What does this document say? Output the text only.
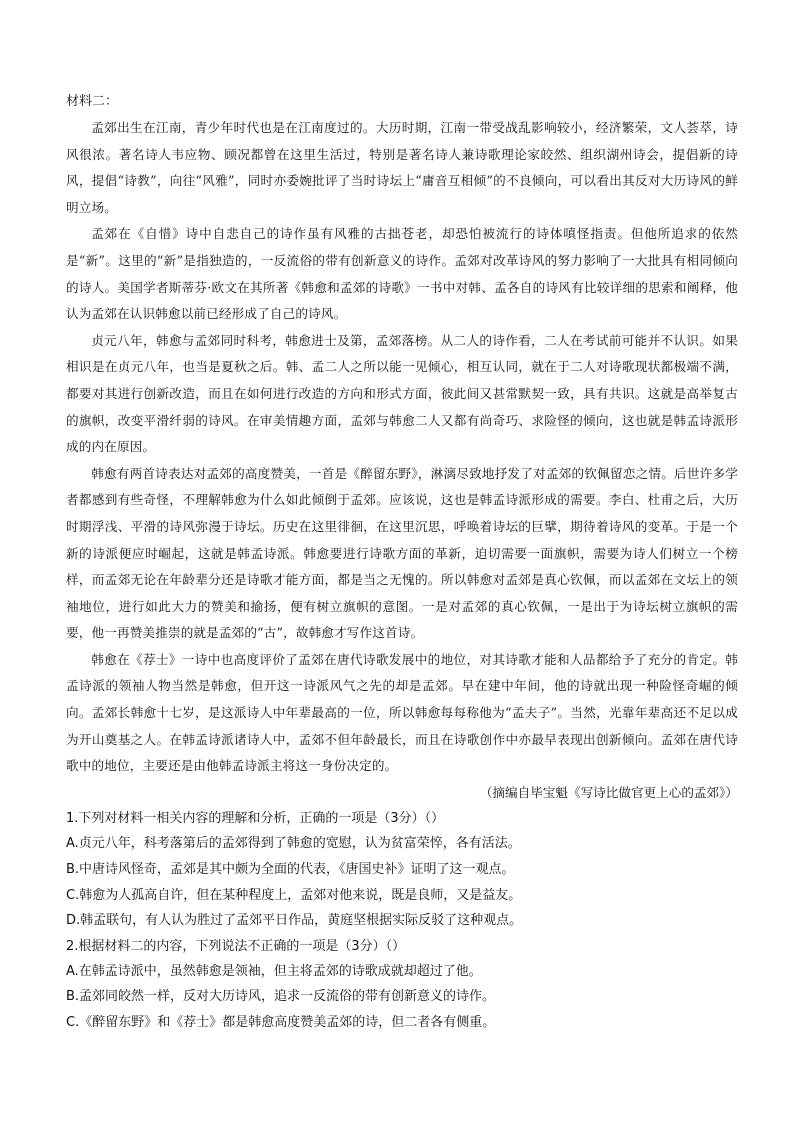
材料二：

孟郊出生在江南，青少年时代也是在江南度过的。大历时期，江南一带受战乱影响较小，经济繁荣，文人荟萃，诗风很浓。著名诗人韦应物、顾况都曾在这里生活过，特别是著名诗人兼诗歌理论家皎然、组织湖州诗会，提倡新的诗风，提倡“诗教”，向往“风雅”，同时亦委婉批评了当时诗坛上“庸音互相倾”的不良倾向，可以看出其反对大历诗风的鲜明立场。

孟郊在《自惜》诗中自悲自己的诗作虽有风雅的古拙苍老，却恐怕被流行的诗体嗔怪指责。但他所追求的依然是“新”。这里的“新”是指独造的，一反流俗的带有创新意义的诗作。孟郊对改革诗风的努力影响了一大批具有相同倾向的诗人。美国学者斯蒂芬·欧文在其所著《韩愈和孟郊的诗歌》一书中对韩、孟各自的诗风有比较详细的思索和阐释，他认为孟郊在认识韩愈以前已经形成了自己的诗风。

贞元八年，韩愈与孟郊同时科考，韩愈进士及第，孟郊落榜。从二人的诗作看，二人在考试前可能并不认识。如果相识是在贞元八年，也当是夏秋之后。韩、孟二人之所以能一见倾心，相互认同，就在于二人对诗歌现状都极端不满，都要对其进行创新改造，而且在如何进行改造的方向和形式方面，彼此间又甚常默契一致，具有共识。这就是高举复古的旗帜，改变平滑纤弱的诗风。在审美情趣方面，孟郊与韩愈二人又都有尚奇巧、求险怪的倾向，这也就是韩孟诗派形成的内在原因。

韩愈有两首诗表达对孟郊的高度赞美，一首是《醉留东野》，淋漓尽致地抒发了对孟郊的钦佩留恋之情。后世许多学者都感到有些奇怪，不理解韩愈为什么如此倾倒于孟郊。应该说，这也是韩孟诗派形成的需要。李白、杜甫之后，大历时期浮浅、平滑的诗风弥漫于诗坛。历史在这里徘徊，在这里沉思，呼唤着诗坛的巨擘，期待着诗风的变革。于是一个新的诗派便应时崛起，这就是韩孟诗派。韩愈要进行诗歌方面的革新，迫切需要一面旗帜，需要为诗人们树立一个榜样，而孟郊无论在年龄辈分还是诗歌才能方面，都是当之无愧的。所以韩愈对孟郊是真心钦佩，而以孟郊在文坛上的领袖地位，进行如此大力的赞美和揄扬，便有树立旗帜的意图。一是对孟郊的真心钦佩，一是出于为诗坛树立旗帜的需要，他一再赞美推崇的就是孟郊的“古”，故韩愈才写作这首诗。

韩愈在《荐士》一诗中也高度评价了孟郊在唐代诗歌发展中的地位，对其诗歌才能和人品都给予了充分的肯定。韩孟诗派的领袖人物当然是韩愈，但开这一诗派风气之先的却是孟郊。早在建中年间，他的诗就出现一种险怪奇崛的倾向。孟郊长韩愈十七岁，是这派诗人中年辈最高的一位，所以韩愈每每称他为“孟夫子”。当然，光靠年辈高还不足以成为开山奠基之人。在韩孟诗派诸诗人中，孟郊不但年龄最长，而且在诗歌创作中亦最早表现出创新倾向。孟郊在唐代诗歌中的地位，主要还是由他韩孟诗派主将这一身份决定的。

（摘编自毕宝魁《写诗比做官更上心的孟郊》）

1.下列对材料一相关内容的理解和分析，正确的一项是（3分）（）

A.贞元八年，科考落第后的孟郊得到了韩愈的宽慰，认为贫富荣悴，各有活法。

B.中唐诗风怪奇，孟郊是其中颇为全面的代表，《唐国史补》证明了这一观点。

C.韩愈为人孤高自许，但在某种程度上，孟郊对他来说，既是良师，又是益友。

D.韩孟联句，有人认为胜过了孟郊平日作品，黄庭坚根据实际反驳了这种观点。

2.根据材料二的内容，下列说法不正确的一项是（3分）（）

A.在韩孟诗派中，虽然韩愈是领袖，但主将孟郊的诗歌成就却超过了他。

B.孟郊同皎然一样，反对大历诗风，追求一反流俗的带有创新意义的诗作。

C.《醉留东野》和《荐士》都是韩愈高度赞美孟郊的诗，但二者各有侧重。
